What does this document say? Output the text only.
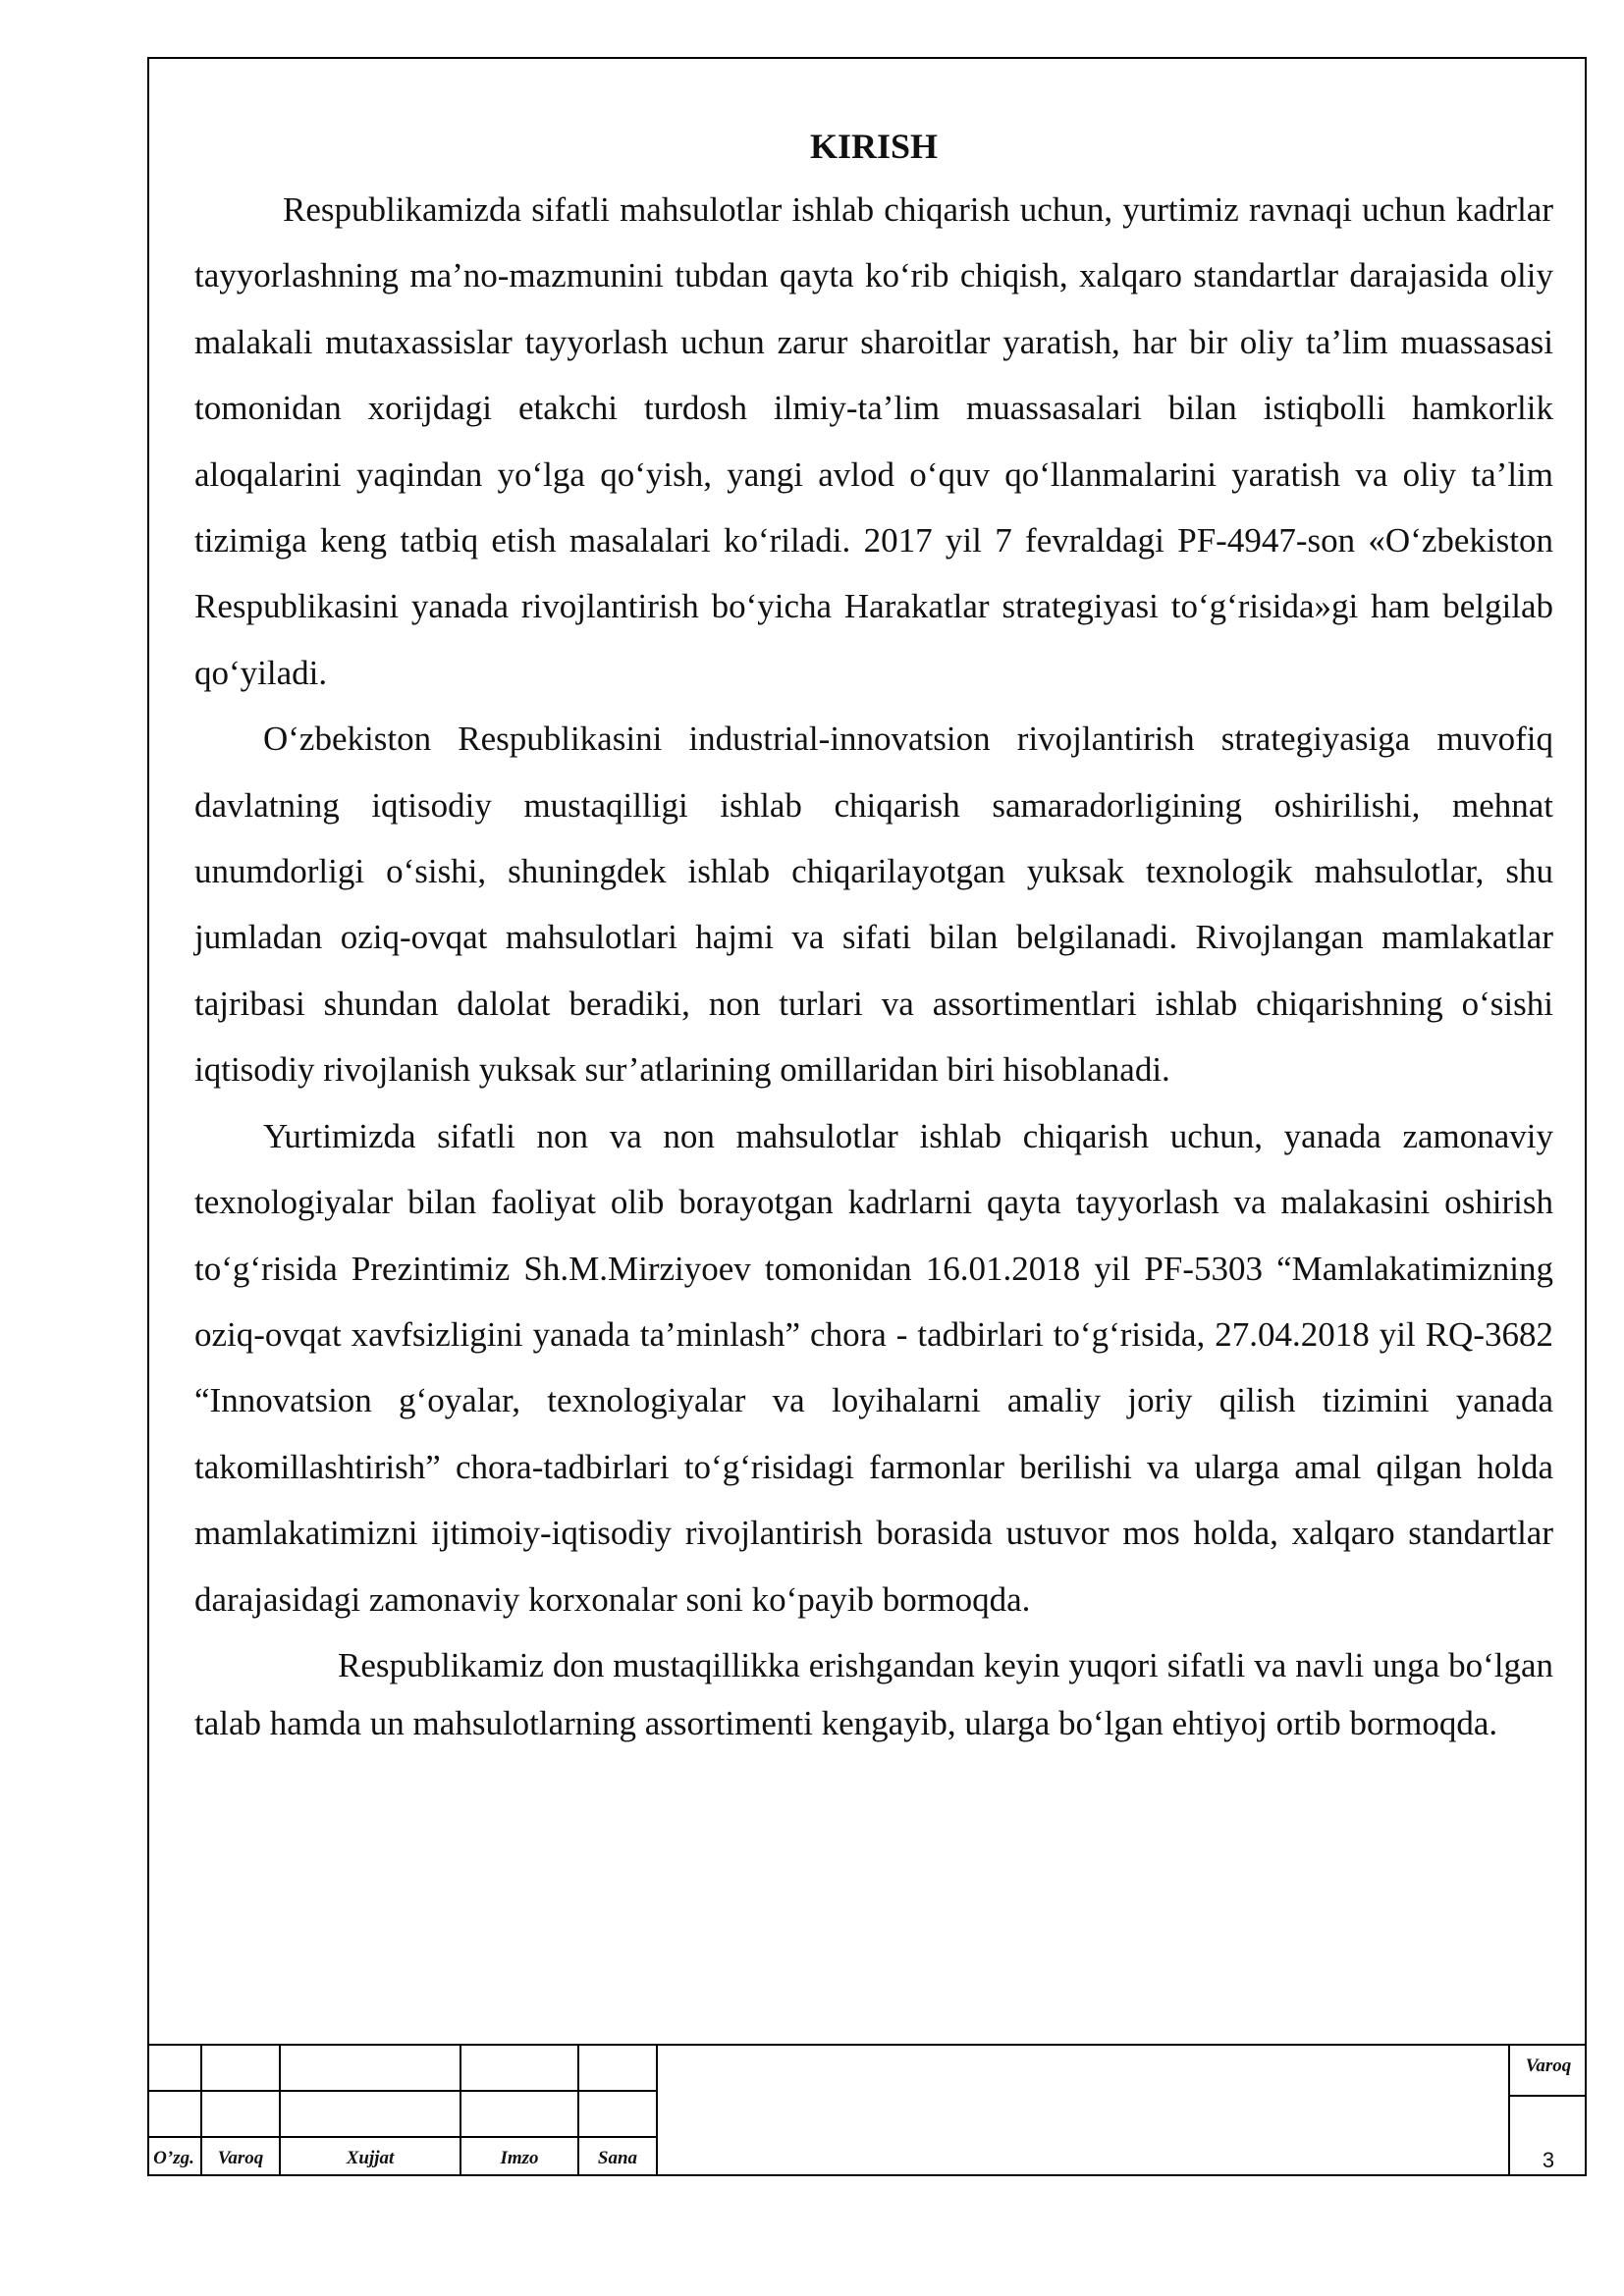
KIRISH

Respublikamizda sifatli mahsulotlar ishlab chiqarish uchun, yurtimiz ravnaqi uchun kadrlar tayyorlashning ma’no-mazmunini tubdan qayta ko‘rib chiqish, xalqaro standartlar darajasida oliy malakali mutaxassislar tayyorlash uchun zarur sharoitlar yaratish, har bir oliy ta’lim muassasasi tomonidan xorijdagi etakchi turdosh ilmiy-ta’lim muassasalari bilan istiqbolli hamkorlik aloqalarini yaqindan yo‘lga qo‘yish, yangi avlod o‘quv qo‘llanmalarini yaratish va oliy ta’lim tizimiga keng tatbiq etish masalalari ko‘riladi. 2017 yil 7 fevraldagi PF-4947-son «O‘zbekiston Respublikasini yanada rivojlantirish bo‘yicha Harakatlar strategiyasi to‘g‘risida»gi ham belgilab qo‘yiladi.

O‘zbekiston Respublikasini industrial-innovatsion rivojlantirish strategiyasiga muvofiq davlatning iqtisodiy mustaqilligi ishlab chiqarish samaradorligining oshirilishi, mehnat unumdorligi o‘sishi, shuningdek ishlab chiqarilayotgan yuksak texnologik mahsulotlar, shu jumladan oziq-ovqat mahsulotlari hajmi va sifati bilan belgilanadi. Rivojlangan mamlakatlar tajribasi shundan dalolat beradiki, non turlari va assortimentlari ishlab chiqarishning o‘sishi iqtisodiy rivojlanish yuksak sur’atlarining omillaridan biri hisoblanadi.

Yurtimizda sifatli non va non mahsulotlar ishlab chiqarish uchun, yanada zamonaviy texnologiyalar bilan faoliyat olib borayotgan kadrlarni qayta tayyorlash va malakasini oshirish to‘g‘risida Prezintimiz Sh.M.Mirziyoev tomonidan 16.01.2018 yil PF-5303 “Mamlakatimizning oziq-ovqat xavfsizligini yanada ta’minlash” chora - tadbirlari to‘g‘risida, 27.04.2018 yil RQ-3682 “Innovatsion g‘oyalar, texnologiyalar va loyihalarni amaliy joriy qilish tizimini yanada takomillashtirish” chora-tadbirlari to‘g‘risidagi farmonlar berilishi va ularga amal qilgan holda mamlakatimizni ijtimoiy-iqtisodiy rivojlantirish borasida ustuvor mos holda, xalqaro standartlar darajasidagi zamonaviy korxonalar soni ko‘payib bormoqda.

Respublikamiz don mustaqillikka erishgandan keyin yuqori sifatli va navli unga bo‘lgan talab hamda un mahsulotlarning assortimenti kengayib, ularga bo‘lgan ehtiyoj ortib bormoqda.

O’zg.	Varoq	Xujjat	Imzo	Sana
Varoq
3
